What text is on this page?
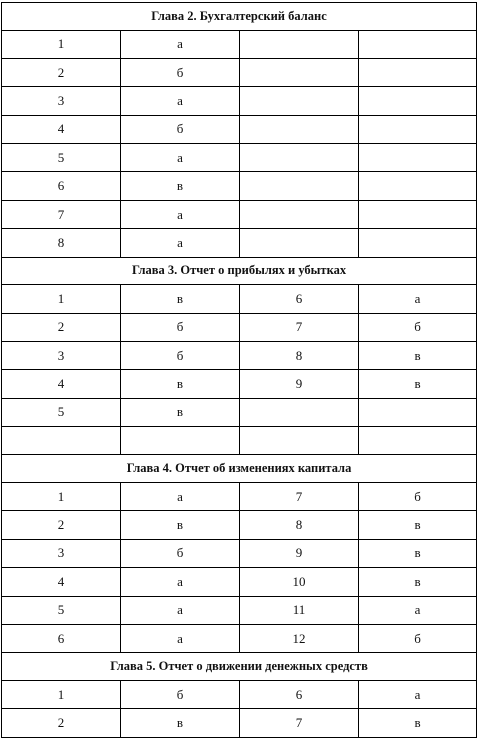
Глава 2. Бухгалтерский баланс			
1	а		
2	б		
3	а		
4	б		
5	а		
6	в		
7	а		
8	а		
Глава 3. Отчет о прибылях и убытках			
1	в	6	а
2	б	7	б
3	б	8	в
4	в	9	в
5	в		

Глава 4. Отчет об изменениях капитала			
1	а	7	б
2	в	8	в
3	б	9	в
4	а	10	в
5	а	11	а
6	а	12	б
Глава 5. Отчет о движении денежных средств			
1	б	6	а
2	в	7	в
